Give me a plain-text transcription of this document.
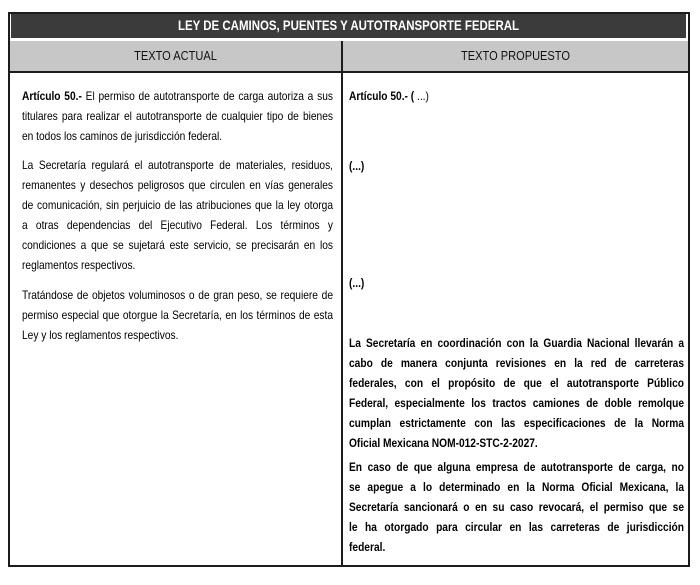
LEY DE CAMINOS, PUENTES Y AUTOTRANSPORTE FEDERAL
TEXTO ACTUAL	TEXTO PROPUESTO
Artículo 50.- El permiso de autotransporte de carga autoriza a sus
titulares para realizar el autotransporte de cualquier tipo de bienes
en todos los caminos de jurisdicción federal.
La Secretaría regulará el autotransporte de materiales, residuos,
remanentes y desechos peligrosos que circulen en vías generales
de comunicación, sin perjuicio de las atribuciones que la ley otorga
a otras dependencias del Ejecutivo Federal. Los términos y
condiciones a que se sujetará este servicio, se precisarán en los
reglamentos respectivos.
Tratándose de objetos voluminosos o de gran peso, se requiere de
permiso especial que otorgue la Secretaría, en los términos de esta
Ley y los reglamentos respectivos.
Artículo 50.- ( ...)
(...)
(...)
La Secretaría en coordinación con la Guardia Nacional llevarán a
cabo de manera conjunta revisiones en la red de carreteras
federales, con el propósito de que el autotransporte Público
Federal, especialmente los tractos camiones de doble remolque
cumplan estrictamente con las especificaciones de la Norma
Oficial Mexicana NOM-012-STC-2-2027.
En caso de que alguna empresa de autotransporte de carga, no
se apegue a lo determinado en la Norma Oficial Mexicana, la
Secretaría sancionará o en su caso revocará, el permiso que se
le ha otorgado para circular en las carreteras de jurisdicción
federal.
